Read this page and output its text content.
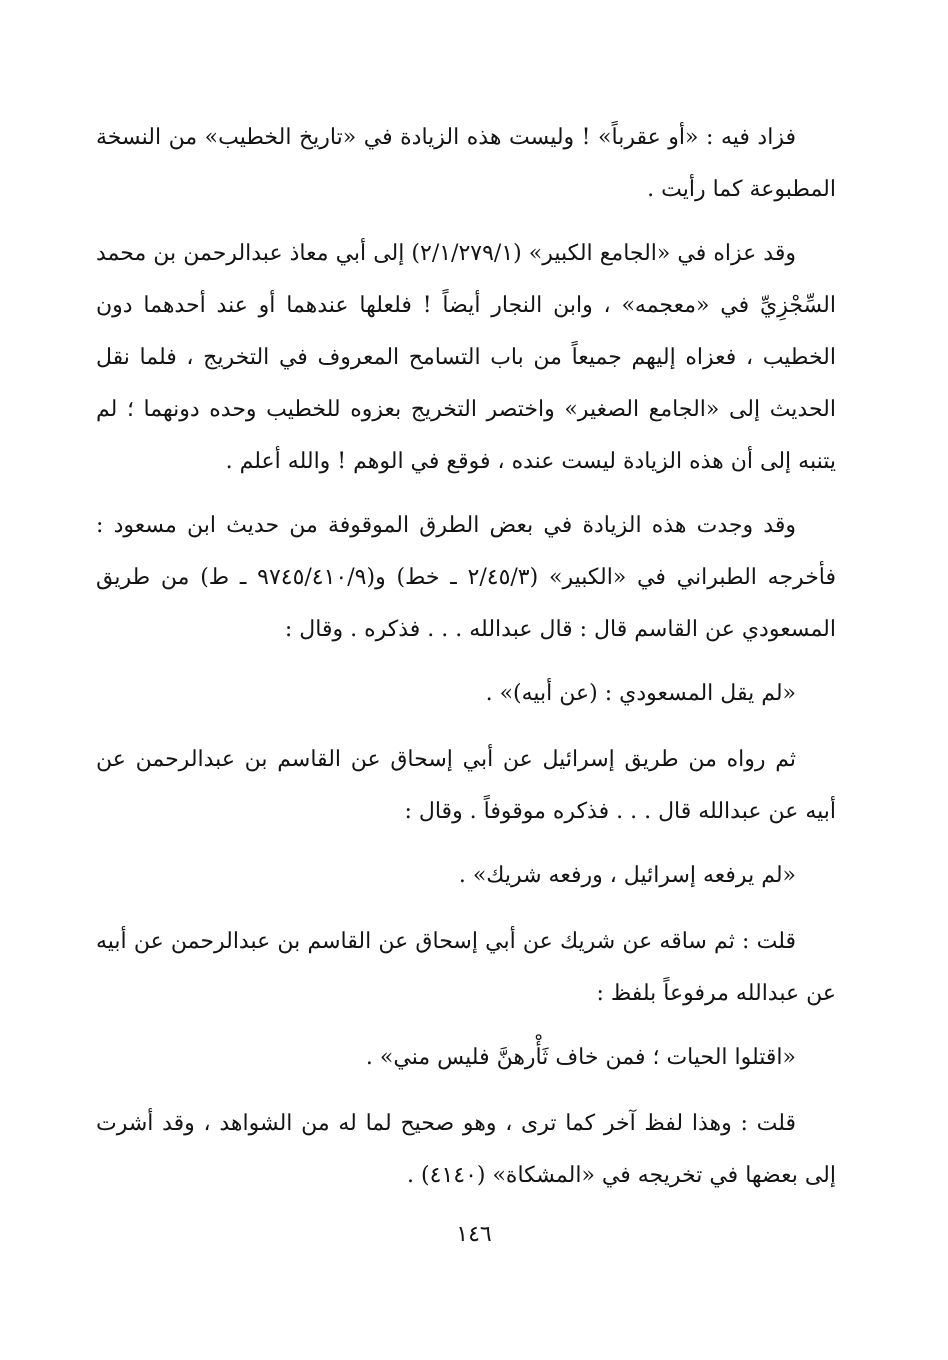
فزاد فيه : «أو عقرباً» ! وليست هذه الزيادة في «تاريخ الخطيب» من النسخة المطبوعة كما رأيت .

وقد عزاه في «الجامع الكبير» (٢/١/٢٧٩/١) إلى أبي معاذ عبدالرحمن بن محمد السِّجْزِيِّ في «معجمه» ، وابن النجار أيضاً ! فلعلها عندهما أو عند أحدهما دون الخطيب ، فعزاه إليهم جميعاً من باب التسامح المعروف في التخريج ، فلما نقل الحديث إلى «الجامع الصغير» واختصر التخريج بعزوه للخطيب وحده دونهما ؛ لم يتنبه إلى أن هذه الزيادة ليست عنده ، فوقع في الوهم ! والله أعلم .

وقد وجدت هذه الزيادة في بعض الطرق الموقوفة من حديث ابن مسعود : فأخرجه الطبراني في «الكبير» (٢/٤٥/٣ ـ خط) و(٩٧٤٥/٤١٠/٩ ـ ط) من طريق المسعودي عن القاسم قال : قال عبدالله . . . فذكره . وقال :

«لم يقل المسعودي : (عن أبيه)» .

ثم رواه من طريق إسرائيل عن أبي إسحاق عن القاسم بن عبدالرحمن عن أبيه عن عبدالله قال . . . فذكره موقوفاً . وقال :

«لم يرفعه إسرائيل ، ورفعه شريك» .

قلت : ثم ساقه عن شريك عن أبي إسحاق عن القاسم بن عبدالرحمن عن أبيه عن عبدالله مرفوعاً بلفظ :

«اقتلوا الحيات ؛ فمن خاف ثَأْرهنَّ فليس مني» .

قلت : وهذا لفظ آخر كما ترى ، وهو صحيح لما له من الشواهد ، وقد أشرت إلى بعضها في تخريجه في «المشكاة» (٤١٤٠) .

١٤٦
